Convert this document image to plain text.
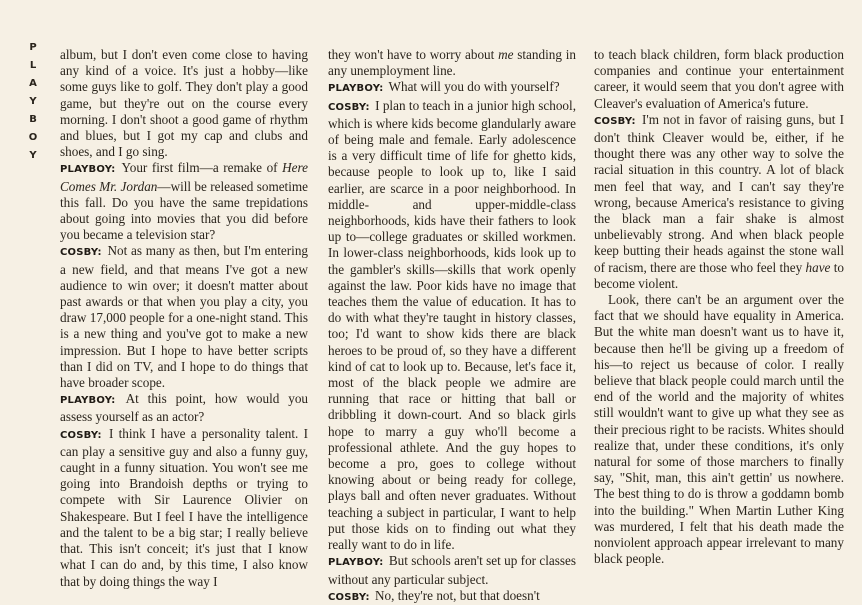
P
L
A
Y
B
O
Y

album, but I don't even come close to having any kind of a voice. It's just a hobby—like some guys like to golf. They don't play a good game, but they're out on the course every morning. I don't shoot a good game of rhythm and blues, but I got my cap and clubs and shoes, and I go sing.

PLAYBOY : Your first film—a remake of Here Comes Mr. Jordan—will be released sometime this fall. Do you have the same trepidations about going into movies that you did before you became a television star?

COSBY : Not as many as then, but I'm entering a new field, and that means I've got a new audience to win over; it doesn't matter about past awards or that when you play a city, you draw 17,000 people for a one-night stand. This is a new thing and you've got to make a new impression. But I hope to have better scripts than I did on TV, and I hope to do things that have broader scope.

PLAYBOY : At this point, how would you assess yourself as an actor?

COSBY : I think I have a personality talent. I can play a sensitive guy and also a funny guy, caught in a funny situation. You won't see me going into Brandoish depths or trying to compete with Sir Laurence Olivier on Shakespeare. But I feel I have the intelligence and the talent to be a big star; I really believe that. This isn't conceit; it's just that I know what I can do and, by this time, I also know that by doing things the way I

they won't have to worry about me standing in any unemployment line.

PLAYBOY : What will you do with yourself?

COSBY : I plan to teach in a junior high school, which is where kids become glandularly aware of being male and female. Early adolescence is a very difficult time of life for ghetto kids, because people to look up to, like I said earlier, are scarce in a poor neighborhood. In middle- and upper-middle-class neighborhoods, kids have their fathers to look up to—college graduates or skilled workmen. In lower-class neighborhoods, kids look up to the gambler's skills—skills that work openly against the law. Poor kids have no image that teaches them the value of education. It has to do with what they're taught in history classes, too; I'd want to show kids there are black heroes to be proud of, so they have a different kind of cat to look up to. Because, let's face it, most of the black people we admire are running that race or hitting that ball or dribbling it down-court. And so black girls hope to marry a guy who'll become a professional athlete. And the guy hopes to become a pro, goes to college without knowing about or being ready for college, plays ball and often never graduates. Without teaching a subject in particular, I want to help put those kids on to finding out what they really want to do in life.

PLAYBOY : But schools aren't set up for classes without any particular subject.

COSBY : No, they're not, but that doesn't

to teach black children, form black production companies and continue your entertainment career, it would seem that you don't agree with Cleaver's evaluation of America's future.

COSBY : I'm not in favor of raising guns, but I don't think Cleaver would be, either, if he thought there was any other way to solve the racial situation in this country. A lot of black men feel that way, and I can't say they're wrong, because America's resistance to giving the black man a fair shake is almost unbelievably strong. And when black people keep butting their heads against the stone wall of racism, there are those who feel they have to become violent.

Look, there can't be an argument over the fact that we should have equality in America. But the white man doesn't want us to have it, because then he'll be giving up a freedom of his—to reject us because of color. I really believe that black people could march until the end of the world and the majority of whites still wouldn't want to give up what they see as their precious right to be racists. Whites should realize that, under these conditions, it's only natural for some of those marchers to finally say, "Shit, man, this ain't gettin' us nowhere. The best thing to do is throw a goddamn bomb into the building." When Martin Luther King was murdered, I felt that his death made the nonviolent approach appear irrelevant to many black people.
